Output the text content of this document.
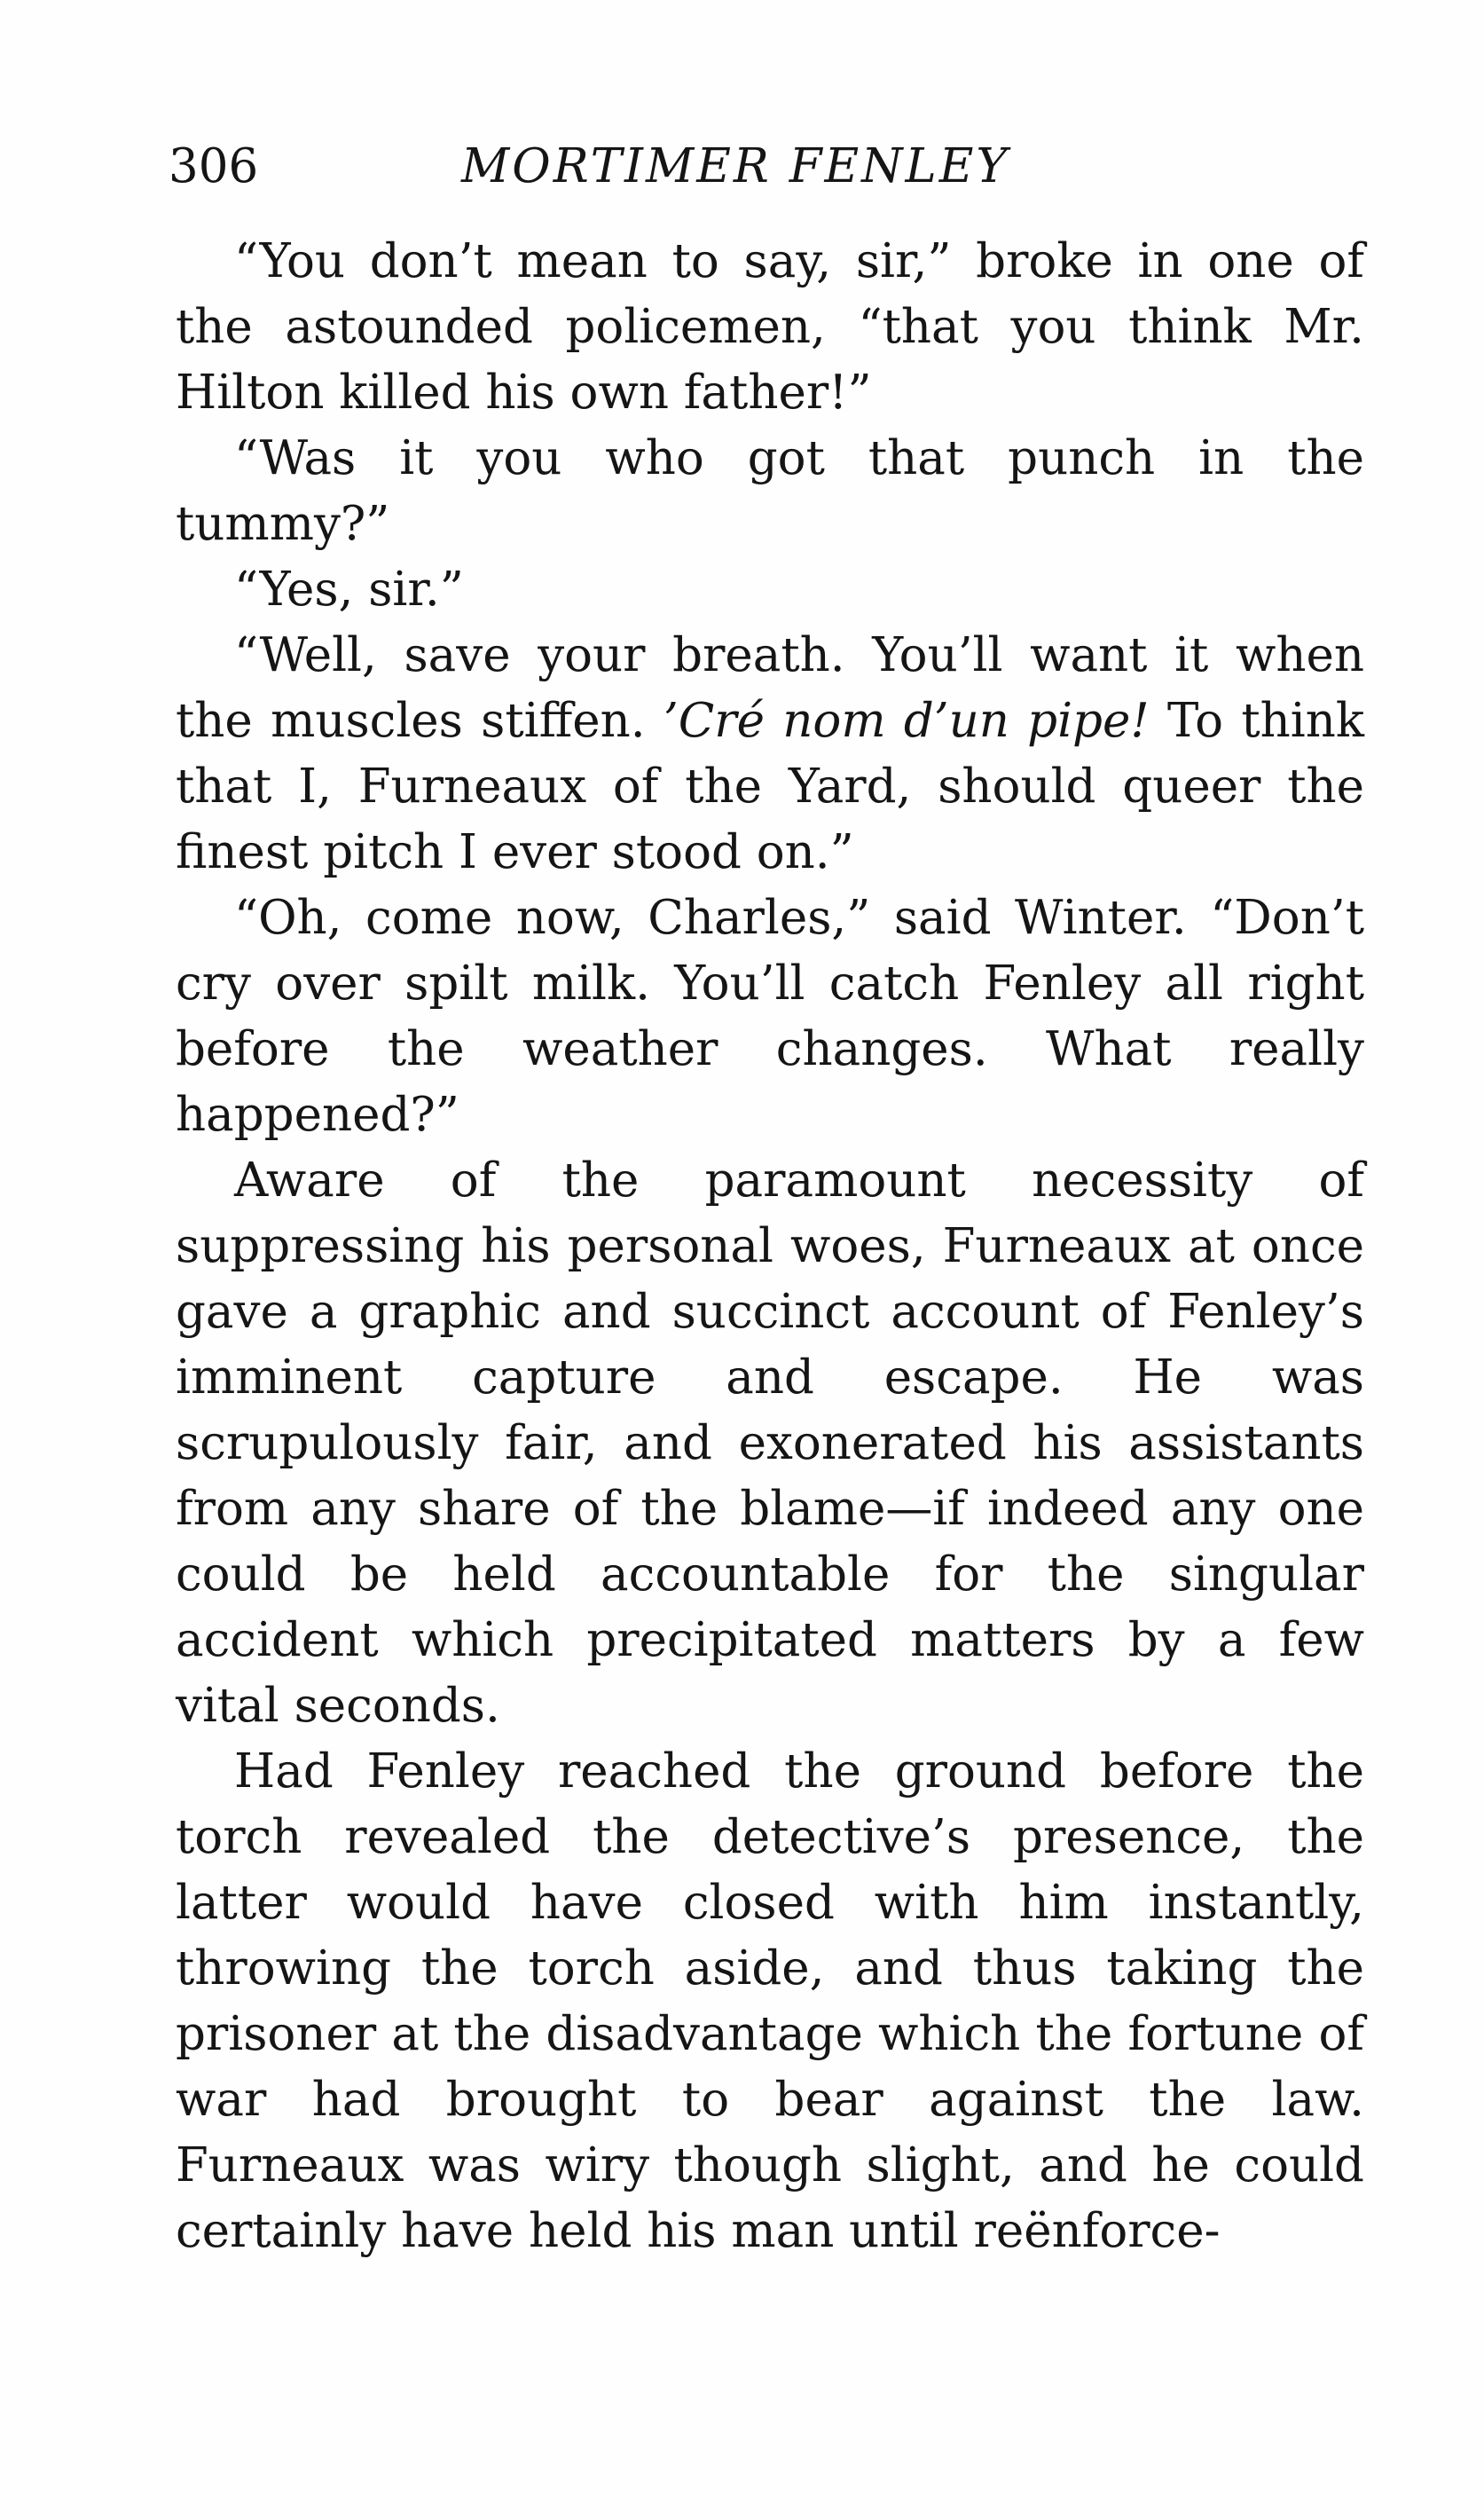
306	MORTIMER FENLEY

“You don’t mean to say, sir,” broke in one of the astounded policemen, “that you think Mr. Hilton killed his own father!”

“Was it you who got that punch in the tummy?”

“Yes, sir.”

“Well, save your breath. You’ll want it when the muscles stiffen. ’Cré nom d’un pipe! To think that I, Furneaux of the Yard, should queer the finest pitch I ever stood on.”

“Oh, come now, Charles,” said Winter. “Don’t cry over spilt milk. You’ll catch Fenley all right before the weather changes. What really happened?”

Aware of the paramount necessity of suppressing his personal woes, Furneaux at once gave a graphic and succinct account of Fenley’s imminent capture and escape. He was scrupulously fair, and exonerated his assistants from any share of the blame—if indeed any one could be held accountable for the singular accident which precipitated matters by a few vital seconds.

Had Fenley reached the ground before the torch revealed the detective’s presence, the latter would have closed with him instantly, throwing the torch aside, and thus taking the prisoner at the disadvantage which the fortune of war had brought to bear against the law. Furneaux was wiry though slight, and he could certainly have held his man until reënforce-
